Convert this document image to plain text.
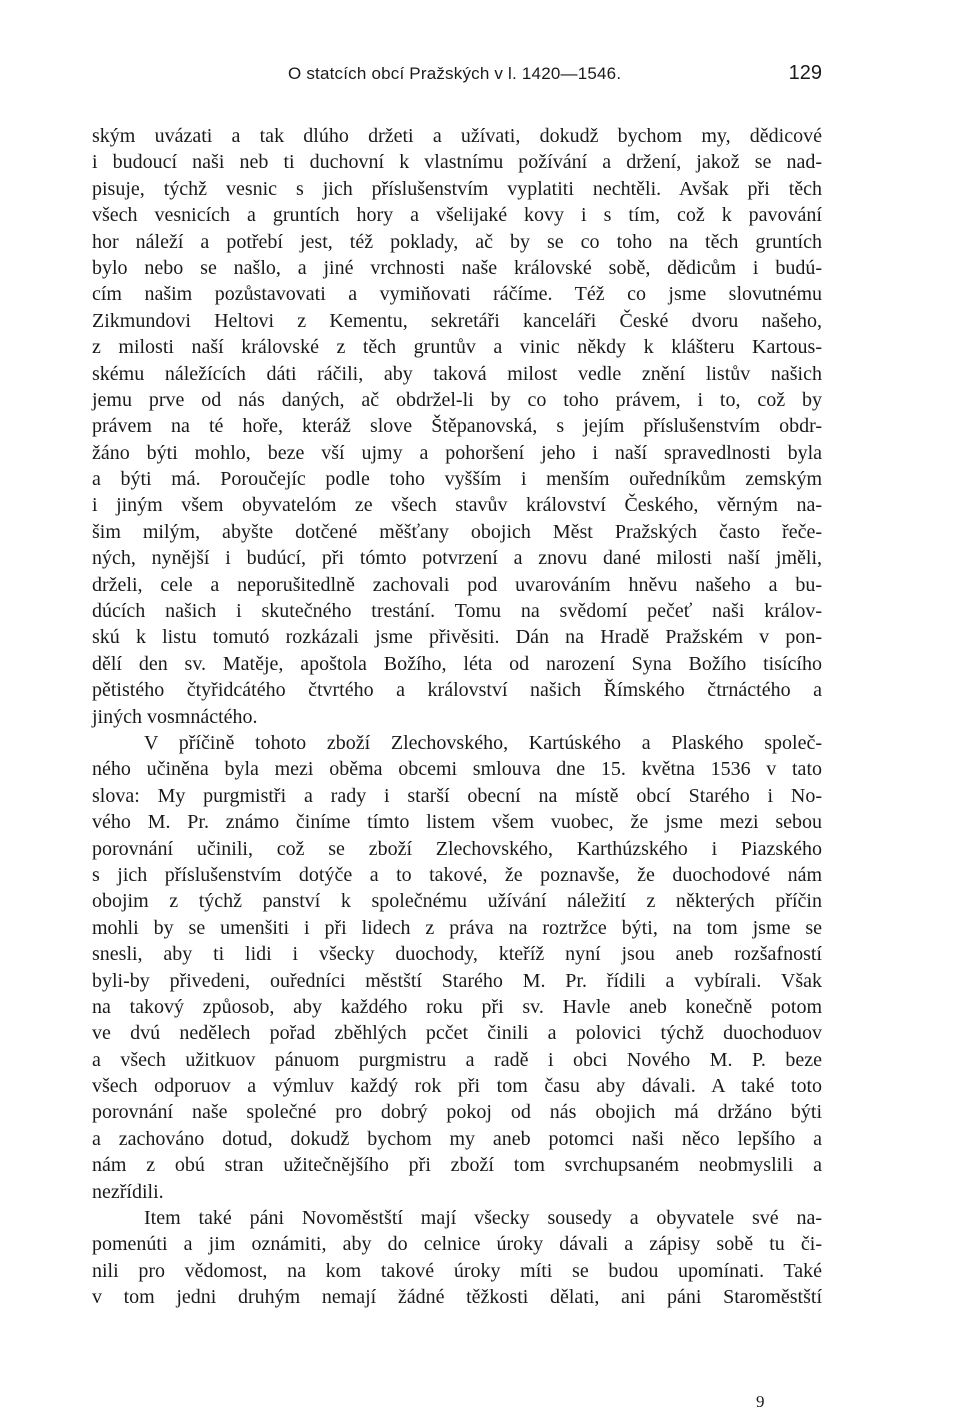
O statcích obcí Pražských v l. 1420—1546.	129
ským uvázati a tak dlúho držeti a užívati, dokudž bychom my, dědicové
i budoucí naši neb ti duchovní k vlastnímu požívání a držení, jakož se nad-
pisuje, týchž vesnic s jich příslušenstvím vyplatiti nechtěli. Avšak při těch
všech vesnicích a gruntích hory a všelijaké kovy i s tím, což k pavování
hor náleží a potřebí jest, též poklady, ač by se co toho na těch gruntích
bylo nebo se našlo, a jiné vrchnosti naše královské sobě, dědicům i budú-
cím našim pozůstavovati a vymiňovati ráčíme. Též co jsme slovutnému
Zikmundovi Heltovi z Kementu, sekretáři kanceláři České dvoru našeho,
z milosti naší královské z těch gruntův a vinic někdy k klášteru Kartous-
skému náležících dáti ráčili, aby taková milost vedle znění listův našich
jemu prve od nás daných, ač obdržel-li by co toho právem, i to, což by
právem na té hoře, kteráž slove Štěpanovská, s jejím příslušenstvím obdr-
žáno býti mohlo, beze vší ujmy a pohoršení jeho i naší spravedlnosti byla
a býti má. Poroučejíc podle toho vyšším i menším ouředníkům zemským
i jiným všem obyvatelóm ze všech stavův království Českého, věrným na-
šim milým, abyšte dotčené měšťany obojich Měst Pražských často řeče-
ných, nynější i budúcí, při tómto potvrzení a znovu dané milosti naší jměli,
drželi, cele a neporušitedlně zachovali pod uvarováním hněvu našeho a bu-
dúcích našich i skutečného trestání. Tomu na svědomí pečeť naši králov-
skú k listu tomutó rozkázali jsme přivěsiti. Dán na Hradě Pražském v pon-
dělí den sv. Matěje, apoštola Božího, léta od narození Syna Božího tisícího
pětistého čtyřidcátého čtvrtého a království našich Římského čtrnáctého a
jiných vosmnáctého.
V příčině tohoto zboží Zlechovského, Kartúského a Plaského společ-
ného učiněna byla mezi oběma obcemi smlouva dne 15. května 1536 v tato
slova: My purgmistři a rady i starší obecní na místě obcí Starého i No-
vého M. Pr. známo činíme tímto listem všem vuobec, že jsme mezi sebou
porovnání učinili, což se zboží Zlechovského, Karthúzského i Piazského
s jich příslušenstvím dotýče a to takové, že poznavše, že duochodové nám
obojim z týchž panství k společnému užívání náležití z některých příčin
mohli by se umenšiti i při lidech z práva na roztržce býti, na tom jsme se
snesli, aby ti lidi i všecky duochody, kteříž nyní jsou aneb rozšafností
byli-by přivedeni, ouředníci městští Starého M. Pr. řídili a vybírali. Však
na takový způosob, aby každého roku při sv. Havle aneb konečně potom
ve dvú nedělech pořad zběhlých pcčet činili a polovici týchž duochoduov
a všech užitkuov pánuom purgmistru a radě i obci Nového M. P. beze
všech odporuov a výmluv každý rok při tom času aby dávali. A také toto
porovnání naše společné pro dobrý pokoj od nás obojich má držáno býti
a zachováno dotud, dokudž bychom my aneb potomci naši něco lepšího a
nám z obú stran užitečnějšího při zboží tom svrchupsaném neobmyslili a
nezřídili.
Item také páni Novoměstští mají všecky sousedy a obyvatele své na-
pomenúti a jim oznámiti, aby do celnice úroky dávali a zápisy sobě tu či-
nili pro vědomost, na kom takové úroky míti se budou upomínati. Také
v tom jedni druhým nemají žádné těžkosti dělati, ani páni Staroměstští
9
